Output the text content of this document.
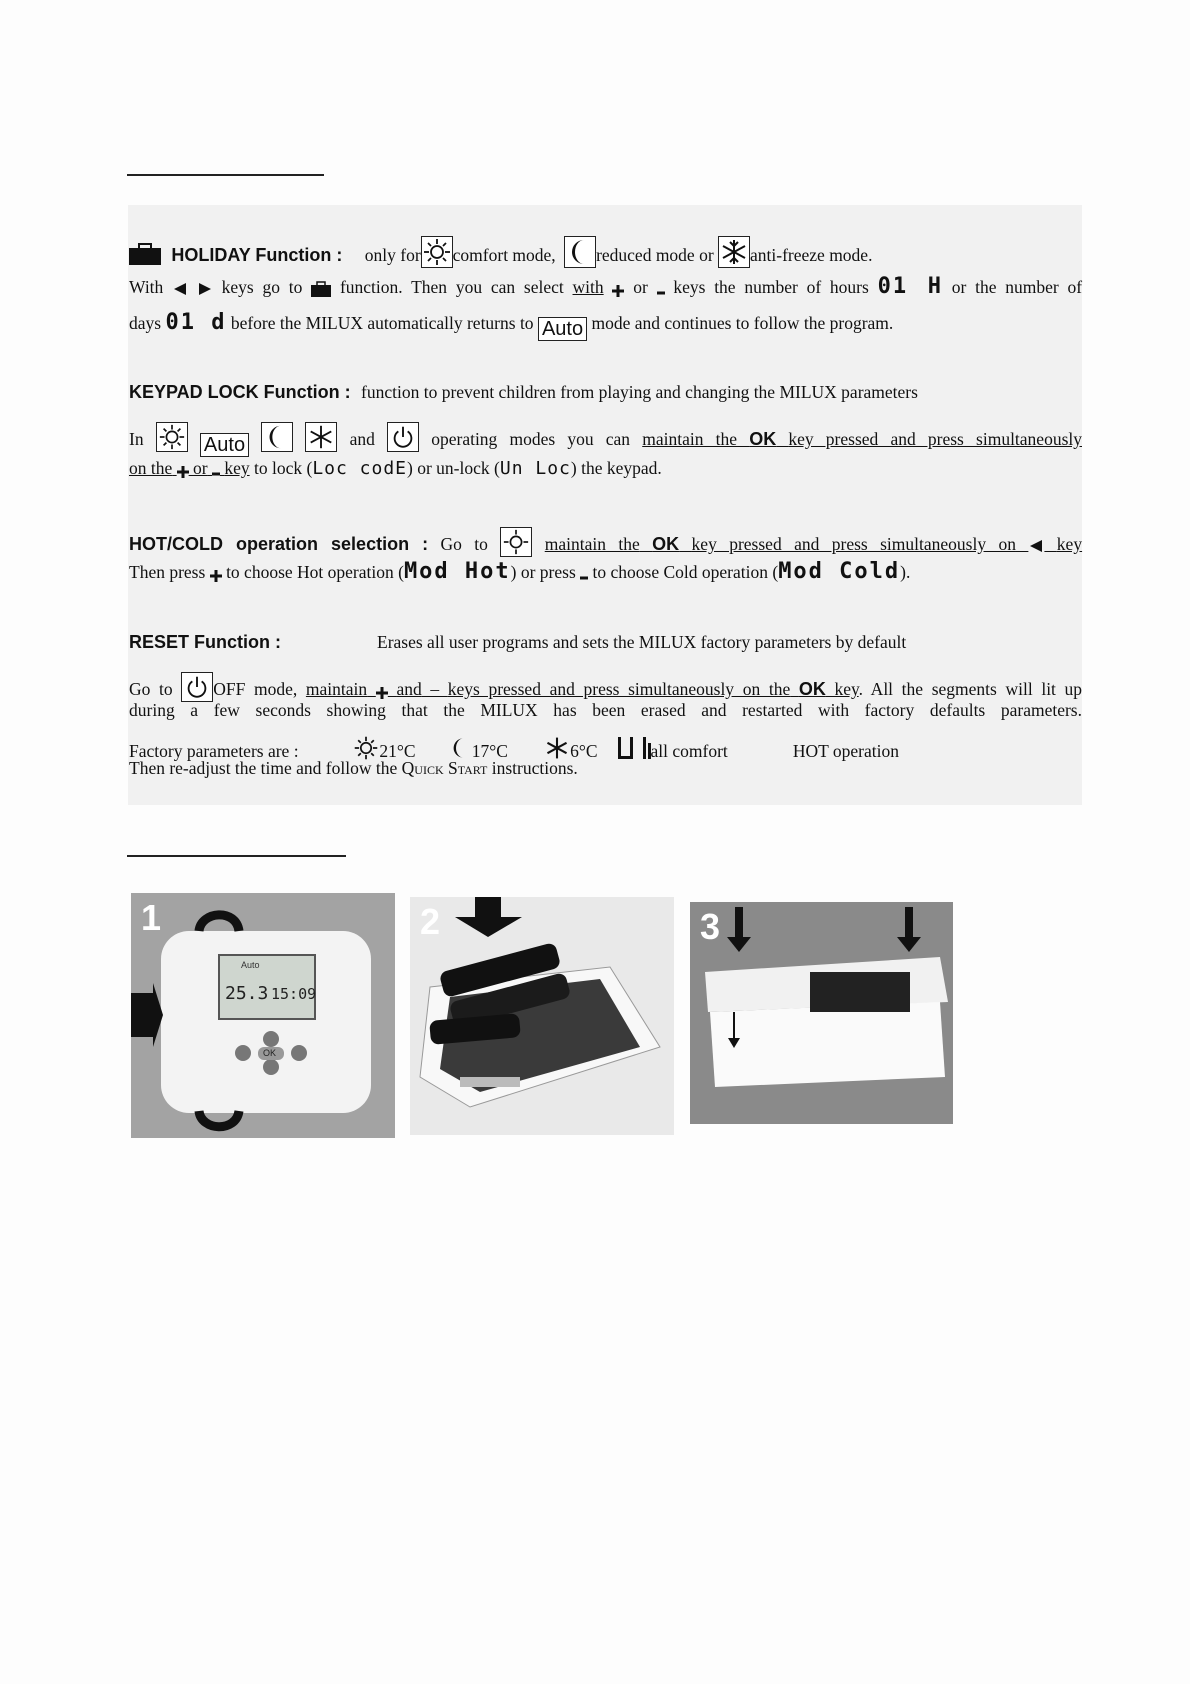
HOLIDAY Function : only for comfort mode, reduced mode or anti-freeze mode.
With	keys go to function. Then you can select with or keys the number of hours 01 H or the number of
days 01 d before the MILUX automatically returns to Auto mode and continues to follow the program.
KEYPAD LOCK Function : function to prevent children from playing and changing the MILUX parameters
In	Auto	and	operating modes you can maintain the OK key pressed and press simultaneously
on the or key to lock (Loc codE) or un-lock (Un Loc) the keypad.
HOT/COLD operation selection : Go to	maintain the OK key pressed and press simultaneously on key
Then press to choose Hot operation (Mod Hot) or press to choose Cold operation (Mod Cold).
RESET Function :	Erases all user programs and sets the MILUX factory parameters by default
Go to OFF mode, maintain and – keys pressed and press simultaneously on the OK key. All the segments will lit up
during a few seconds showing that the MILUX has been erased and restarted with factory defaults parameters.
Factory parameters are :	21°C	17°C	6°C	all comfort	HOT operation
Then re-adjust the time and follow the Quick Start instructions.
1
25.3 15:09
Auto
OK
2	3
